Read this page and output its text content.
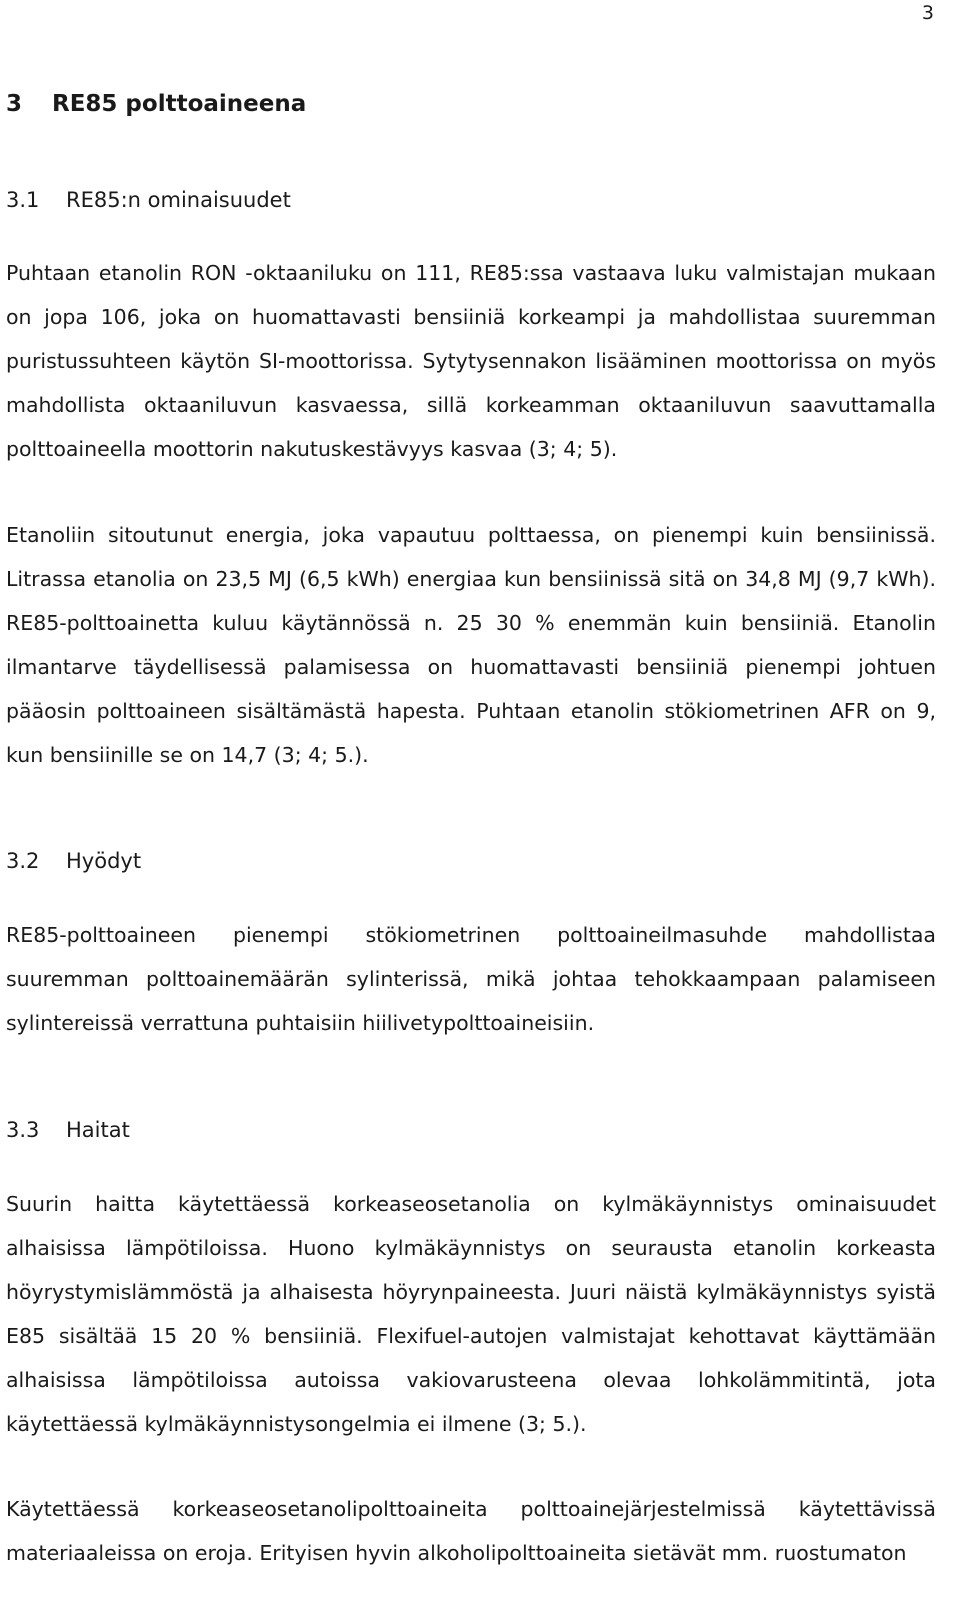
3
3 RE85 polttoaineena
3.1 RE85:n ominaisuudet

Puhtaan etanolin RON -oktaaniluku on 111, RE85:ssa vastaava luku valmistajan mukaan on jopa 106, joka on huomattavasti bensiiniä korkeampi ja mahdollistaa suuremman puristussuhteen käytön SI-moottorissa. Sytytysennakon lisääminen moottorissa on myös mahdollista oktaaniluvun kasvaessa, sillä korkeamman oktaaniluvun saavuttamalla polttoaineella moottorin nakutuskestävyys kasvaa (3; 4; 5).

Etanoliin sitoutunut energia, joka vapautuu polttaessa, on pienempi kuin bensiinissä. Litrassa etanolia on 23,5 MJ (6,5 kWh) energiaa kun bensiinissä sitä on 34,8 MJ (9,7 kWh). RE85-polttoainetta kuluu käytännössä n. 25 30 % enemmän kuin bensiiniä. Etanolin ilmantarve täydellisessä palamisessa on huomattavasti bensiiniä pienempi johtuen pääosin polttoaineen sisältämästä hapesta. Puhtaan etanolin stökiometrinen AFR on 9, kun bensiinille se on 14,7 (3; 4; 5.).

3.2 Hyödyt

RE85-polttoaineen pienempi stökiometrinen polttoaineilmasuhde mahdollistaa suuremman polttoainemäärän sylinterissä, mikä johtaa tehokkaampaan palamiseen sylintereissä verrattuna puhtaisiin hiilivetypolttoaineisiin.

3.3 Haitat

Suurin haitta käytettäessä korkeaseosetanolia on kylmäkäynnistys ominaisuudet alhaisissa lämpötiloissa. Huono kylmäkäynnistys on seurausta etanolin korkeasta höyrystymislämmöstä ja alhaisesta höyrynpaineesta. Juuri näistä kylmäkäynnistys syistä E85 sisältää 15 20 % bensiiniä. Flexifuel-autojen valmistajat kehottavat käyttämään alhaisissa lämpötiloissa autoissa vakiovarusteena olevaa lohkolämmitintä, jota käytettäessä kylmäkäynnistysongelmia ei ilmene (3; 5.).

Käytettäessä korkeaseosetanolipolttoaineita polttoainejärjestelmissä käytettävissä materiaaleissa on eroja. Erityisen hyvin alkoholipolttoaineita sietävät mm. ruostumaton
